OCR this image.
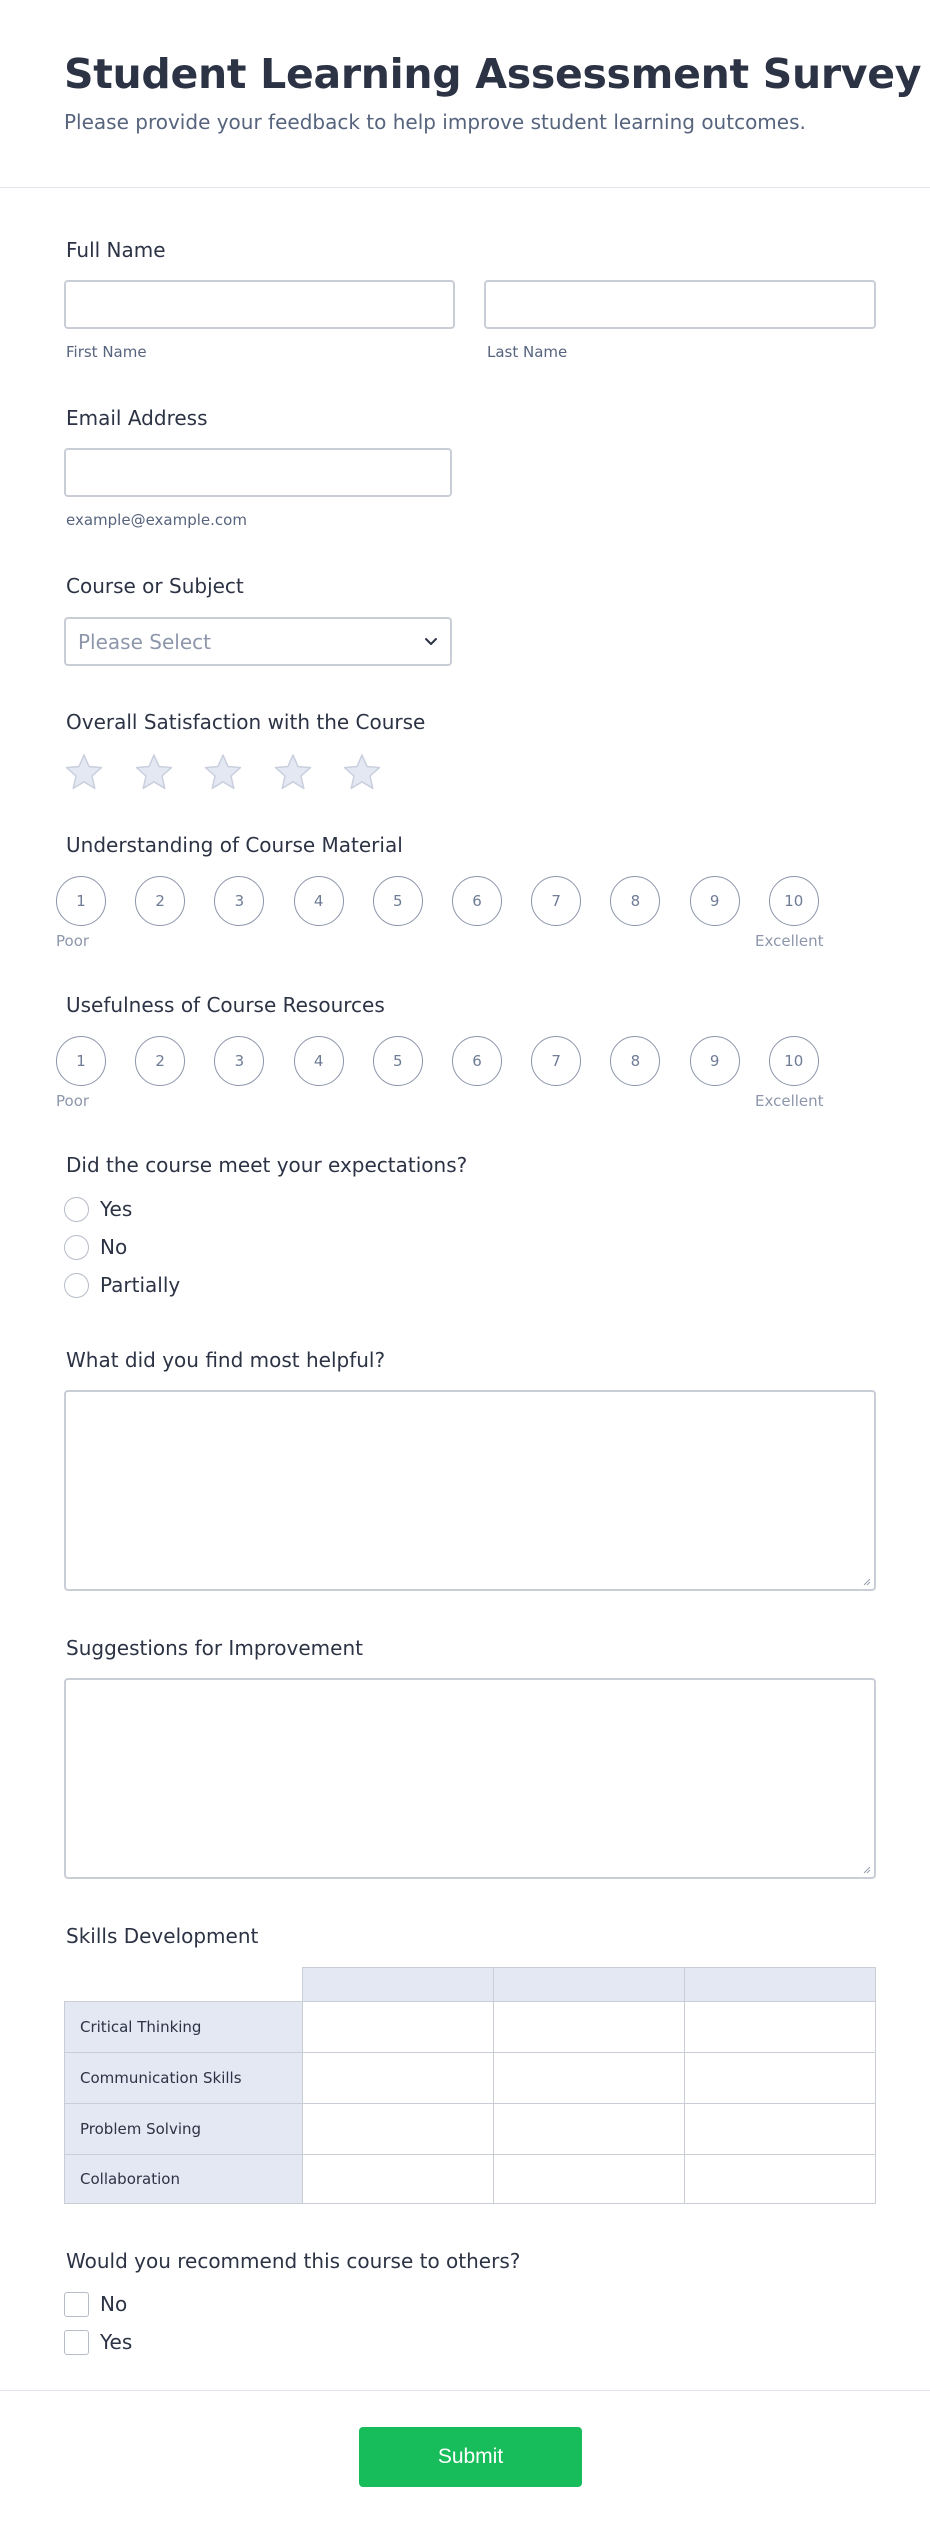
Student Learning Assessment Survey
Please provide your feedback to help improve student learning outcomes.
Full Name
First Name	Last Name
Email Address
example@example.com
Course or Subject
Please Select
Overall Satisfaction with the Course
Understanding of Course Material
Poor	Excellent
Usefulness of Course Resources
Poor	Excellent
Did the course meet your expectations?
Yes
No
Partially
What did you find most helpful?
Suggestions for Improvement
Skills Development
Critical Thinking
Communication Skills
Problem Solving
Collaboration
Would you recommend this course to others?
No
Yes
Submit
1	2	3	4	5	6	7	8	9	10
1	2	3	4	5	6	7	8	9	10
